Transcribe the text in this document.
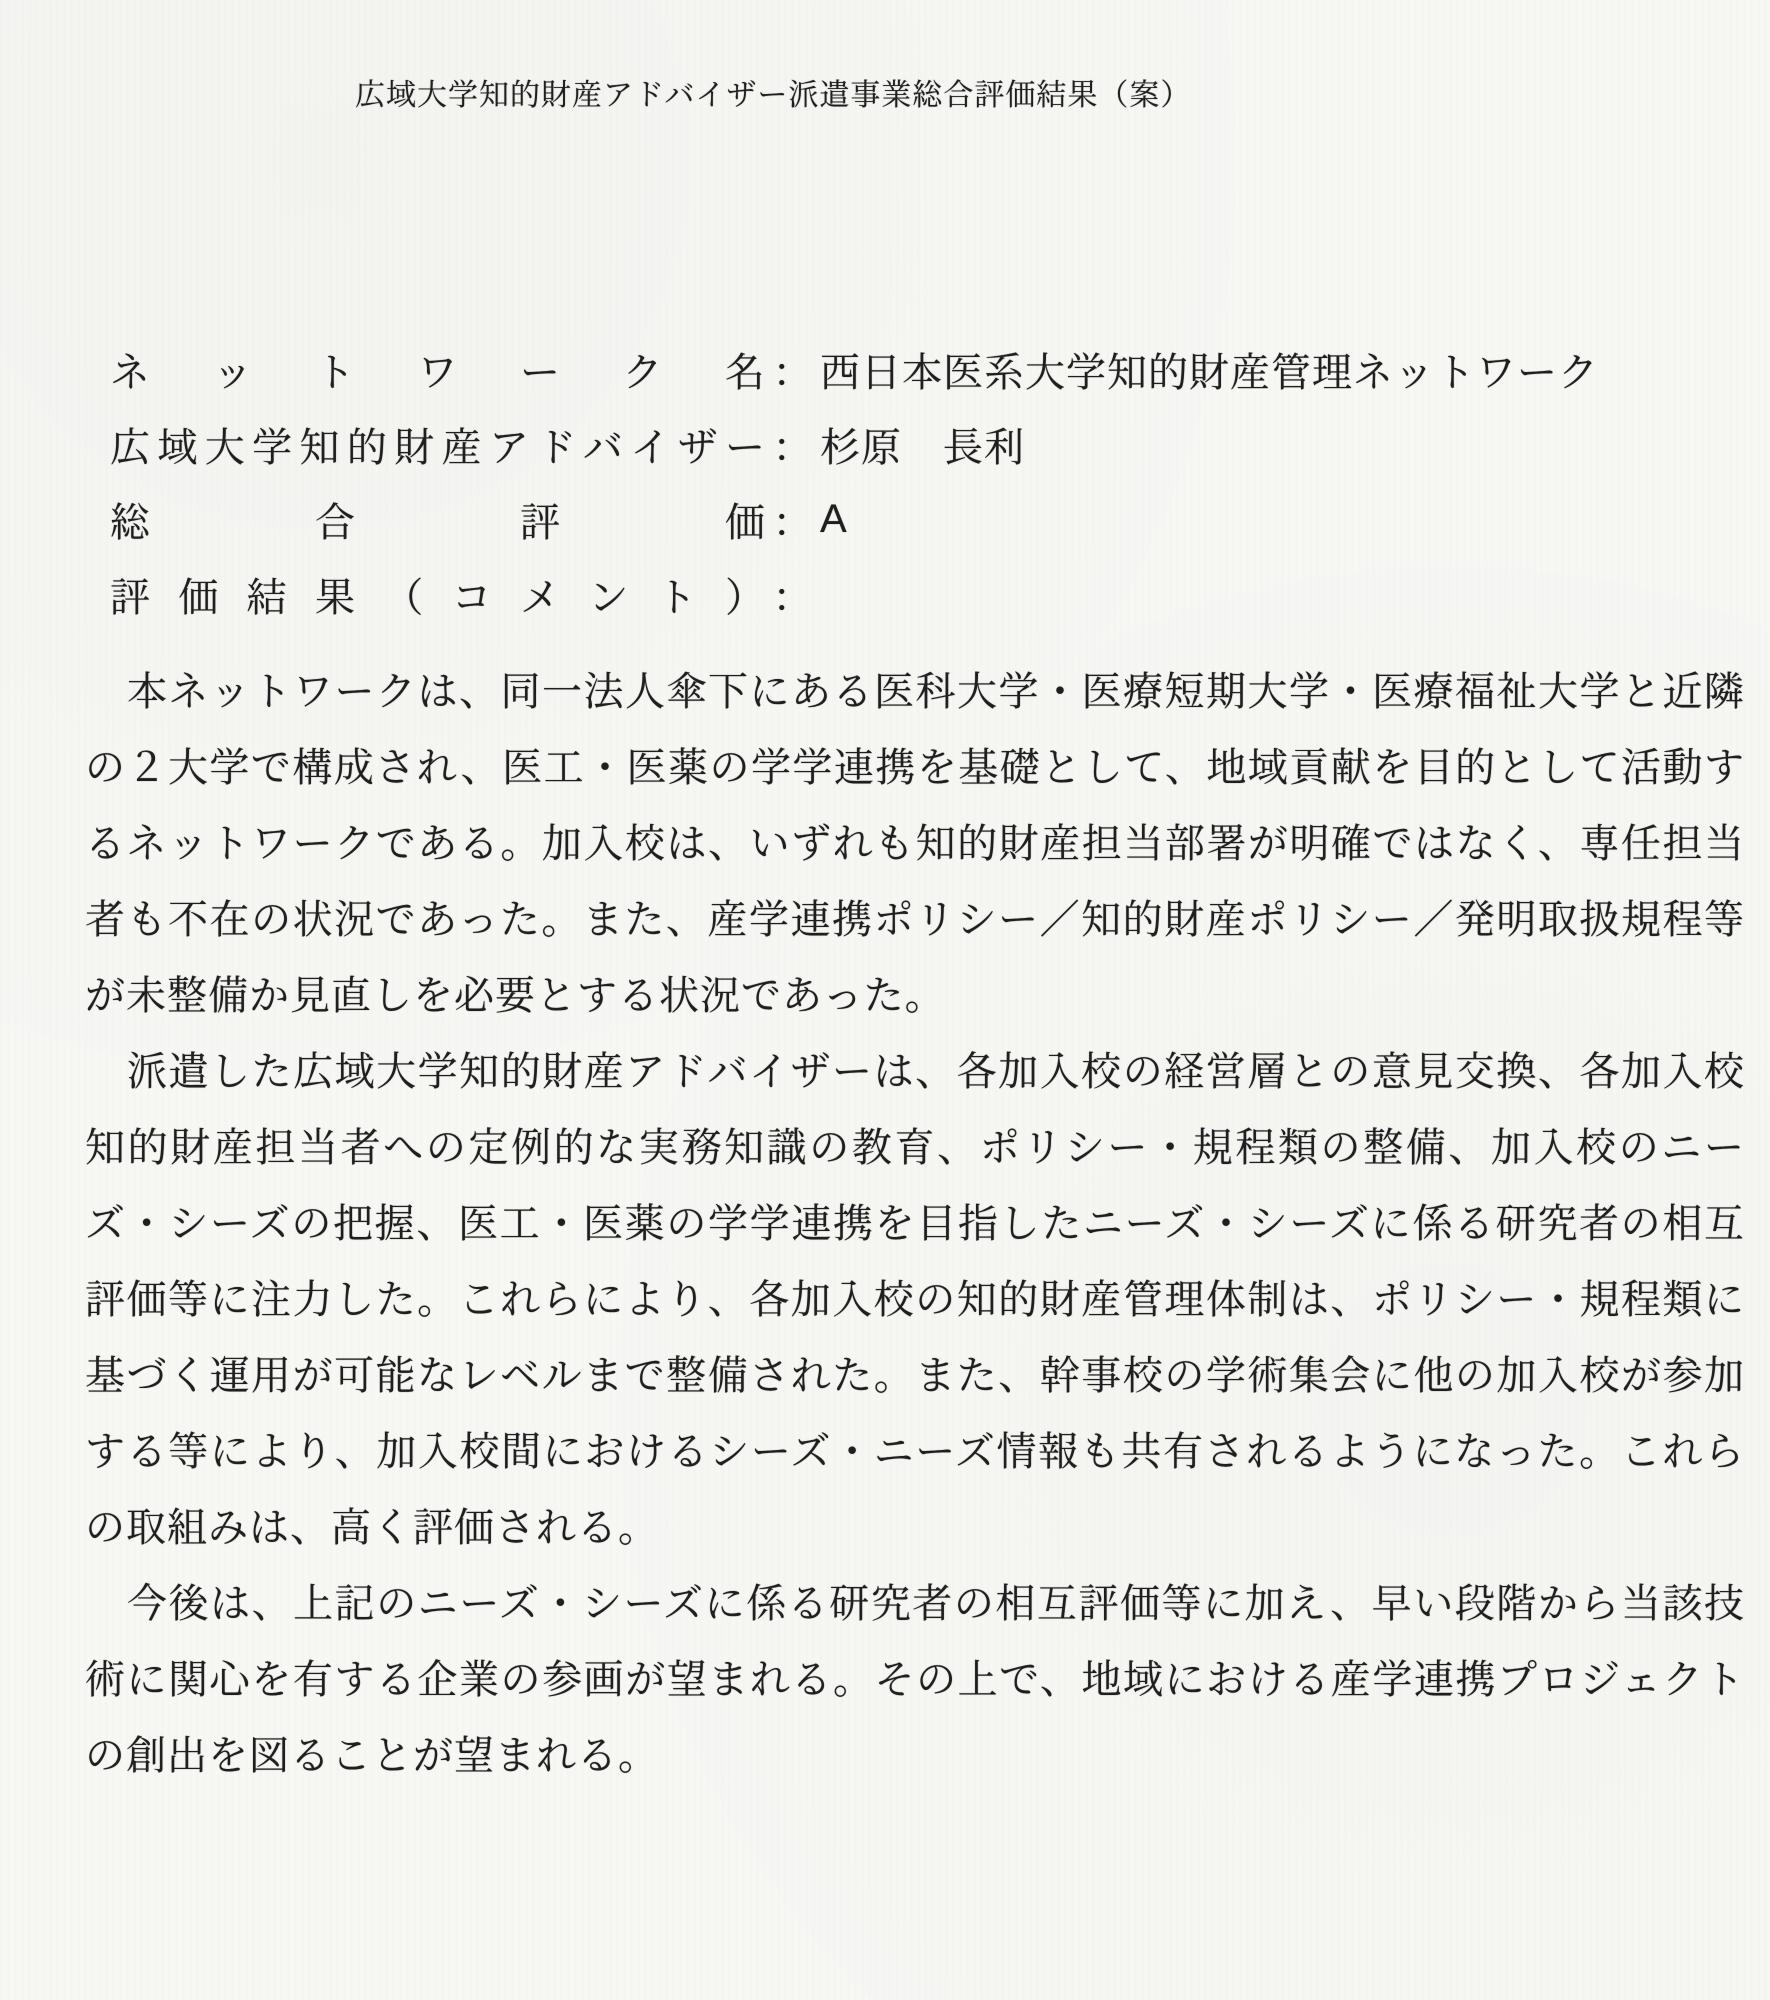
広域大学知的財産アドバイザー派遣事業総合評価結果（案）
ネットワーク名 ： 西日本医系大学知的財産管理ネットワーク
広域大学知的財産アドバイザー ： 杉原　長利
総合評価 ： A
評価結果（コメント） ：

本ネットワークは、同一法人傘下にある医科大学・医療短期大学・医療福祉大学と近隣の２大学で構成され、医工・医薬の学学連携を基礎として、地域貢献を目的として活動するネットワークである。加入校は、いずれも知的財産担当部署が明確ではなく、専任担当者も不在の状況であった。また、産学連携ポリシー／知的財産ポリシー／発明取扱規程等が未整備か見直しを必要とする状況であった。

派遣した広域大学知的財産アドバイザーは、各加入校の経営層との意見交換、各加入校知的財産担当者への定例的な実務知識の教育、ポリシー・規程類の整備、加入校のニーズ・シーズの把握、医工・医薬の学学連携を目指したニーズ・シーズに係る研究者の相互評価等に注力した。これらにより、各加入校の知的財産管理体制は、ポリシー・規程類に基づく運用が可能なレベルまで整備された。また、幹事校の学術集会に他の加入校が参加する等により、加入校間におけるシーズ・ニーズ情報も共有されるようになった。これらの取組みは、高く評価される。

今後は、上記のニーズ・シーズに係る研究者の相互評価等に加え、早い段階から当該技術に関心を有する企業の参画が望まれる。その上で、地域における産学連携プロジェクトの創出を図ることが望まれる。
